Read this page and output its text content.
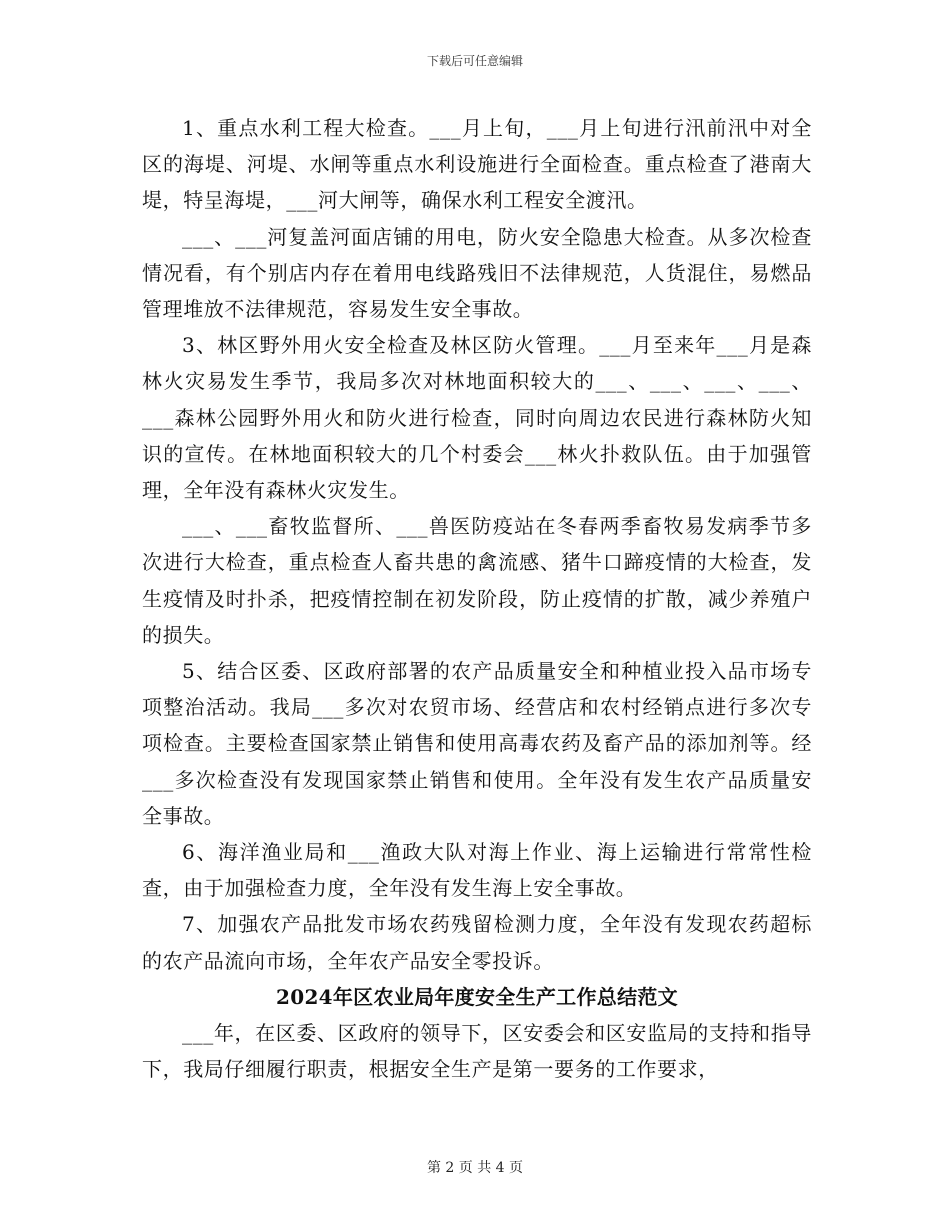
下载后可任意编辑

1、重点水利工程大检查。___月上旬，___月上旬进行汛前汛中对全区的海堤、河堤、水闸等重点水利设施进行全面检查。重点检查了港南大堤，特呈海堤，___河大闸等，确保水利工程安全渡汛。

___、___河复盖河面店铺的用电，防火安全隐患大检查。从多次检查情况看，有个别店内存在着用电线路残旧不法律规范，人货混住，易燃品管理堆放不法律规范，容易发生安全事故。

3、林区野外用火安全检查及林区防火管理。___月至来年___月是森林火灾易发生季节，我局多次对林地面积较大的___、___、___、___、___森林公园野外用火和防火进行检查，同时向周边农民进行森林防火知识的宣传。在林地面积较大的几个村委会___林火扑救队伍。由于加强管理，全年没有森林火灾发生。

___、___畜牧监督所、___兽医防疫站在冬春两季畜牧易发病季节多次进行大检查，重点检查人畜共患的禽流感、猪牛口蹄疫情的大检查，发生疫情及时扑杀，把疫情控制在初发阶段，防止疫情的扩散，减少养殖户的损失。

5、结合区委、区政府部署的农产品质量安全和种植业投入品市场专项整治活动。我局___多次对农贸市场、经营店和农村经销点进行多次专项检查。主要检查国家禁止销售和使用高毒农药及畜产品的添加剂等。经___多次检查没有发现国家禁止销售和使用。全年没有发生农产品质量安全事故。

6、海洋渔业局和___渔政大队对海上作业、海上运输进行常常性检查，由于加强检查力度，全年没有发生海上安全事故。

7、加强农产品批发市场农药残留检测力度，全年没有发现农药超标的农产品流向市场，全年农产品安全零投诉。

2024年区农业局年度安全生产工作总结范文

___年，在区委、区政府的领导下，区安委会和区安监局的支持和指导下，我局仔细履行职责，根据安全生产是第一要务的工作要求，

第 2 页 共 4 页
